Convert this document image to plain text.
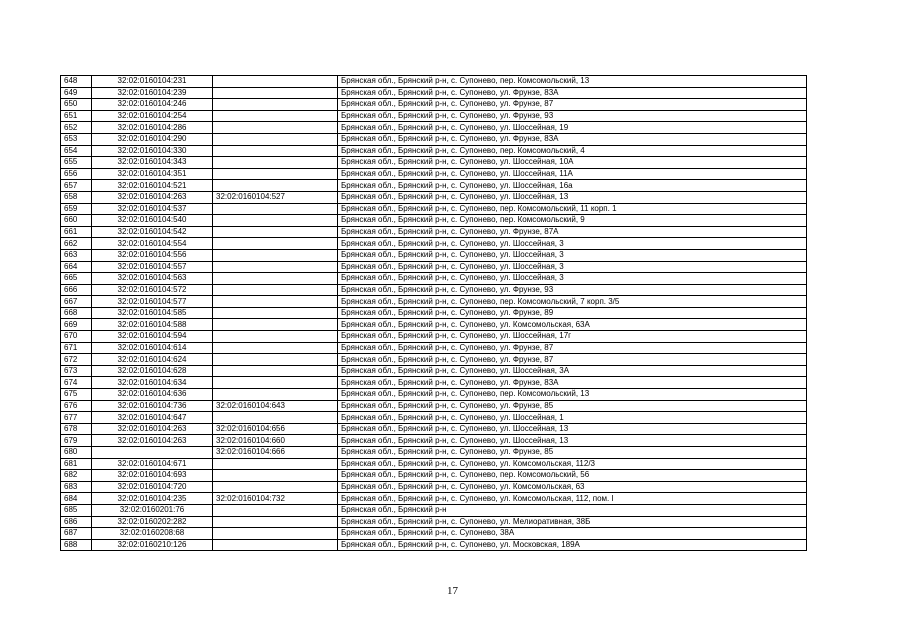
648	32:02:0160104:231		Брянская обл., Брянский р-н, с. Супонево, пер. Комсомольский, 13
649	32:02:0160104:239		Брянская обл., Брянский р-н, с. Супонево, ул. Фрунзе, 83А
650	32:02:0160104:246		Брянская обл., Брянский р-н, с. Супонево, ул. Фрунзе, 87
651	32:02:0160104:254		Брянская обл., Брянский р-н, с. Супонево, ул. Фрунзе, 93
652	32:02:0160104:286		Брянская обл., Брянский р-н, с. Супонево, ул. Шоссейная, 19
653	32:02:0160104:290		Брянская обл., Брянский р-н, с. Супонево, ул. Фрунзе, 83А
654	32:02:0160104:330		Брянская обл., Брянский р-н, с. Супонево, пер. Комсомольский, 4
655	32:02:0160104:343		Брянская обл., Брянский р-н, с. Супонево, ул. Шоссейная, 10А
656	32:02:0160104:351		Брянская обл., Брянский р-н, с. Супонево, ул. Шоссейная, 11А
657	32:02:0160104:521		Брянская обл., Брянский р-н, с. Супонево, ул. Шоссейная, 16а
658	32:02:0160104:263	32:02:0160104:527	Брянская обл., Брянский р-н, с. Супонево, ул. Шоссейная, 13
659	32:02:0160104:537		Брянская обл., Брянский р-н, с. Супонево, пер. Комсомольский, 11 корп. 1
660	32:02:0160104:540		Брянская обл., Брянский р-н, с. Супонево, пер. Комсомольский, 9
661	32:02:0160104:542		Брянская обл., Брянский р-н, с. Супонево, ул. Фрунзе, 87А
662	32:02:0160104:554		Брянская обл., Брянский р-н, с. Супонево, ул. Шоссейная, 3
663	32:02:0160104:556		Брянская обл., Брянский р-н, с. Супонево, ул. Шоссейная, 3
664	32:02:0160104:557		Брянская обл., Брянский р-н, с. Супонево, ул. Шоссейная, 3
665	32:02:0160104:563		Брянская обл., Брянский р-н, с. Супонево, ул. Шоссейная, 3
666	32:02:0160104:572		Брянская обл., Брянский р-н, с. Супонево, ул. Фрунзе, 93
667	32:02:0160104:577		Брянская обл., Брянский р-н, с. Супонево, пер. Комсомольский, 7 корп. 3/5
668	32:02:0160104:585		Брянская обл., Брянский р-н, с. Супонево, ул. Фрунзе, 89
669	32:02:0160104:588		Брянская обл., Брянский р-н, с. Супонево, ул. Комсомольская, 63А
670	32:02:0160104:594		Брянская обл., Брянский р-н, с. Супонево, ул. Шоссейная, 17г
671	32:02:0160104:614		Брянская обл., Брянский р-н, с. Супонево, ул. Фрунзе, 87
672	32:02:0160104:624		Брянская обл., Брянский р-н, с. Супонево, ул. Фрунзе, 87
673	32:02:0160104:628		Брянская обл., Брянский р-н, с. Супонево, ул. Шоссейная, 3А
674	32:02:0160104:634		Брянская обл., Брянский р-н, с. Супонево, ул. Фрунзе, 83А
675	32:02:0160104:636		Брянская обл., Брянский р-н, с. Супонево, пер. Комсомольский, 13
676	32:02:0160104:736	32:02:0160104:643	Брянская обл., Брянский р-н, с. Супонево, ул. Фрунзе, 85
677	32:02:0160104:647		Брянская обл., Брянский р-н, с. Супонево, ул. Шоссейная, 1
678	32:02:0160104:263	32:02:0160104:656	Брянская обл., Брянский р-н, с. Супонево, ул. Шоссейная, 13
679	32:02:0160104:263	32:02:0160104:660	Брянская обл., Брянский р-н, с. Супонево, ул. Шоссейная, 13
680		32:02:0160104:666	Брянская обл., Брянский р-н, с. Супонево, ул. Фрунзе, 85
681	32:02:0160104:671		Брянская обл., Брянский р-н, с. Супонево, ул. Комсомольская, 112/3
682	32:02:0160104:693		Брянская обл., Брянский р-н, с. Супонево, пер. Комсомольский, 56
683	32:02:0160104:720		Брянская обл., Брянский р-н, с. Супонево, ул. Комсомольская, 63
684	32:02:0160104:235	32:02:0160104:732	Брянская обл., Брянский р-н, с. Супонево, ул. Комсомольская, 112, пом. I
685	32:02:0160201:76		Брянская обл., Брянский р-н
686	32:02:0160202:282		Брянская обл., Брянский р-н, с. Супонево, ул. Мелиоративная, 38Б
687	32:02:0160208:68		Брянская обл., Брянский р-н, с. Супонево, 38А
688	32:02:0160210:126		Брянская обл., Брянский р-н, с. Супонево, ул. Московская, 189А
17
